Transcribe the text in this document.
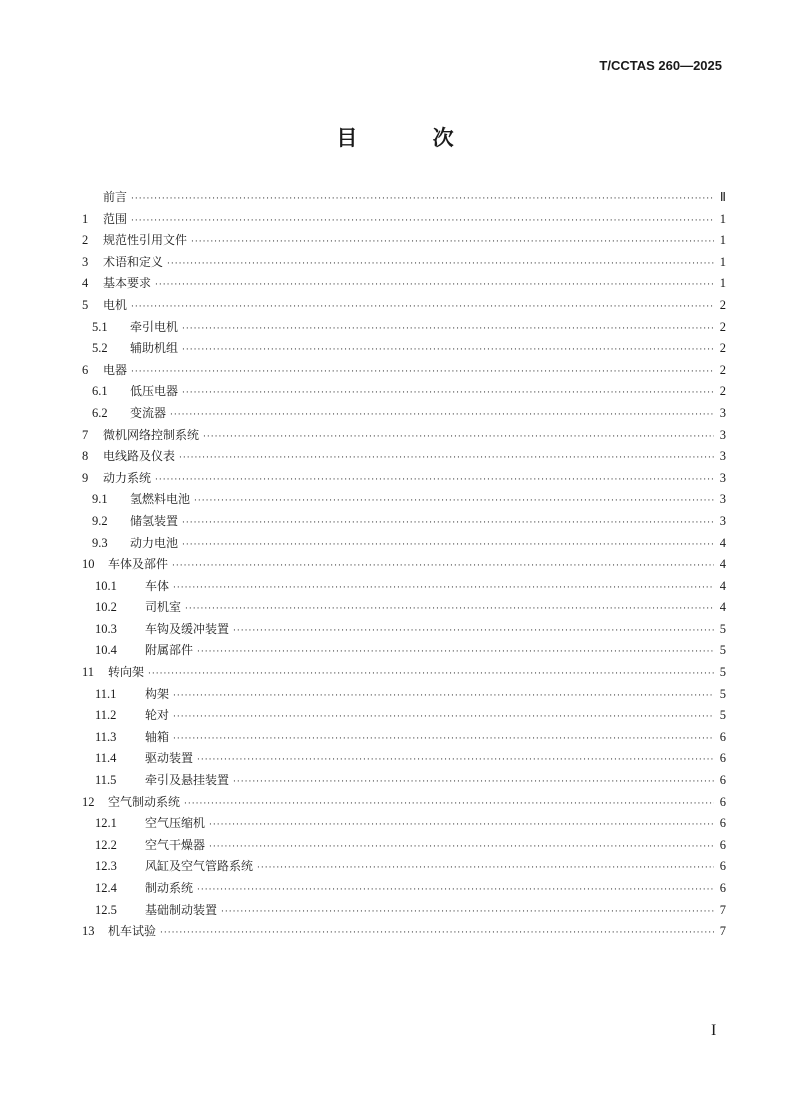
T/CCTAS 260—2025
目 次
前言 ·····	Ⅱ
1	范围 ·····	1
2	规范性引用文件 ·····	1
3	术语和定义 ·····	1
4	基本要求 ·····	1
5	电机 ·····	2
5.1	牵引电机 ·····	2
5.2	辅助机组 ·····	2
6	电器 ·····	2
6.1	低压电器 ·····	2
6.2	变流器 ·····	3
7	微机网络控制系统 ·····	3
8	电线路及仪表 ·····	3
9	动力系统 ·····	3
9.1	氢燃料电池 ·····	3
9.2	储氢装置 ·····	3
9.3	动力电池 ·····	4
10	车体及部件 ·····	4
10.1	车体 ·····	4
10.2	司机室 ·····	4
10.3	车钩及缓冲装置 ·····	5
10.4	附属部件 ·····	5
11	转向架 ·····	5
11.1	构架 ·····	5
11.2	轮对 ·····	5
11.3	轴箱 ·····	6
11.4	驱动装置 ·····	6
11.5	牵引及悬挂装置 ·····	6
12	空气制动系统 ·····	6
12.1	空气压缩机 ·····	6
12.2	空气干燥器 ·····	6
12.3	风缸及空气管路系统 ·····	6
12.4	制动系统 ·····	6
12.5	基础制动装置 ·····	7
13	机车试验 ·····	7
I
